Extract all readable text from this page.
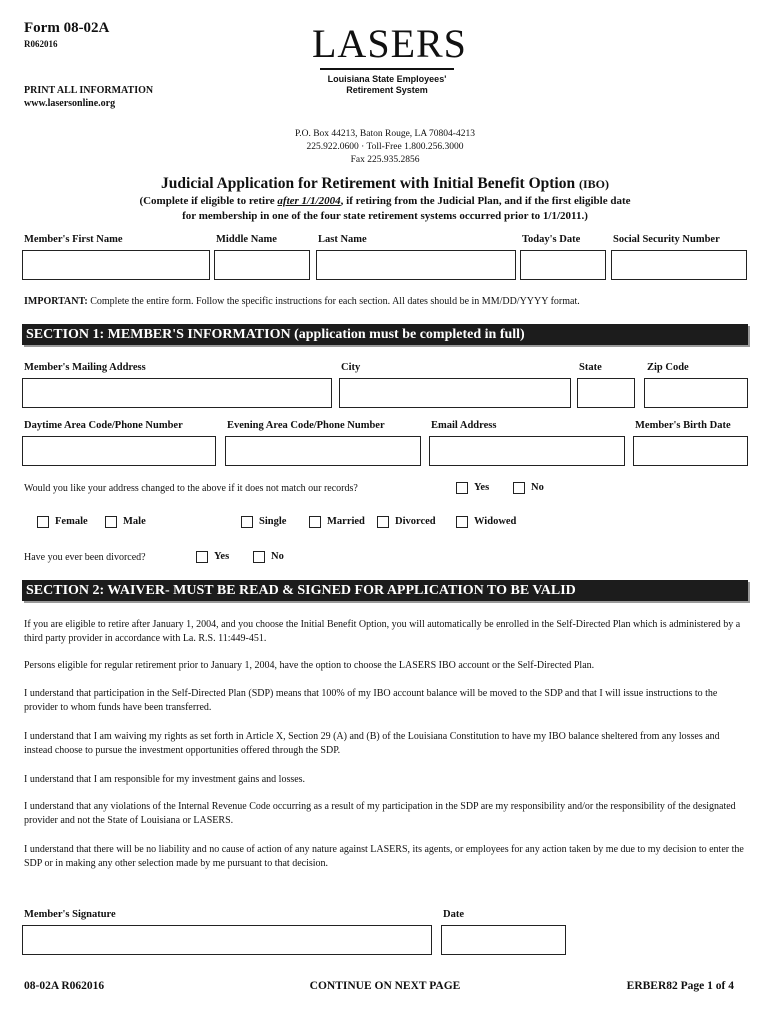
Form 08-02A
R062016
PRINT ALL INFORMATION
www.lasersonline.org
LASERS
Louisiana State Employees'
Retirement System
P.O. Box 44213, Baton Rouge, LA 70804-4213
225.922.0600 · Toll-Free 1.800.256.3000
Fax 225.935.2856
Judicial Application for Retirement with Initial Benefit Option (IBO)
(Complete if eligible to retire after 1/1/2004, if retiring from the Judicial Plan, and if the first eligible date
for membership in one of the four state retirement systems occurred prior to 1/1/2011.)
Member's First Name	Middle Name	Last Name	Today's Date	Social Security Number
IMPORTANT: Complete the entire form. Follow the specific instructions for each section. All dates should be in MM/DD/YYYY format.
SECTION 1: MEMBER'S INFORMATION (application must be completed in full)
Member's Mailing Address	City	State	Zip Code
Daytime Area Code/Phone Number	Evening Area Code/Phone Number	Email Address	Member's Birth Date
Would you like your address changed to the above if it does not match our records?	Yes	No
Female	Male	Single	Married	Divorced	Widowed
Have you ever been divorced?	Yes	No
SECTION 2: WAIVER- MUST BE READ & SIGNED FOR APPLICATION TO BE VALID
If you are eligible to retire after January 1, 2004, and you choose the Initial Benefit Option, you will automatically be enrolled in the Self-Directed Plan which is administered by a third party provider in accordance with La. R.S. 11:449-451.
Persons eligible for regular retirement prior to January 1, 2004, have the option to choose the LASERS IBO account or the Self-Directed Plan.
I understand that participation in the Self-Directed Plan (SDP) means that 100% of my IBO account balance will be moved to the SDP and that I will issue instructions to the provider to whom funds have been transferred.
I understand that I am waiving my rights as set forth in Article X, Section 29 (A) and (B) of the Louisiana Constitution to have my IBO balance sheltered from any losses and instead choose to pursue the investment opportunities offered through the SDP.
I understand that I am responsible for my investment gains and losses.
I understand that any violations of the Internal Revenue Code occurring as a result of my participation in the SDP are my responsibility and/or the responsibility of the designated provider and not the State of Louisiana or LASERS.
I understand that there will be no liability and no cause of action of any nature against LASERS, its agents, or employees for any action taken by me due to my decision to enter the SDP or in making any other selection made by me pursuant to that decision.
Member's Signature	Date
08-02A R062016	CONTINUE ON NEXT PAGE	ERBER82 Page 1 of 4
